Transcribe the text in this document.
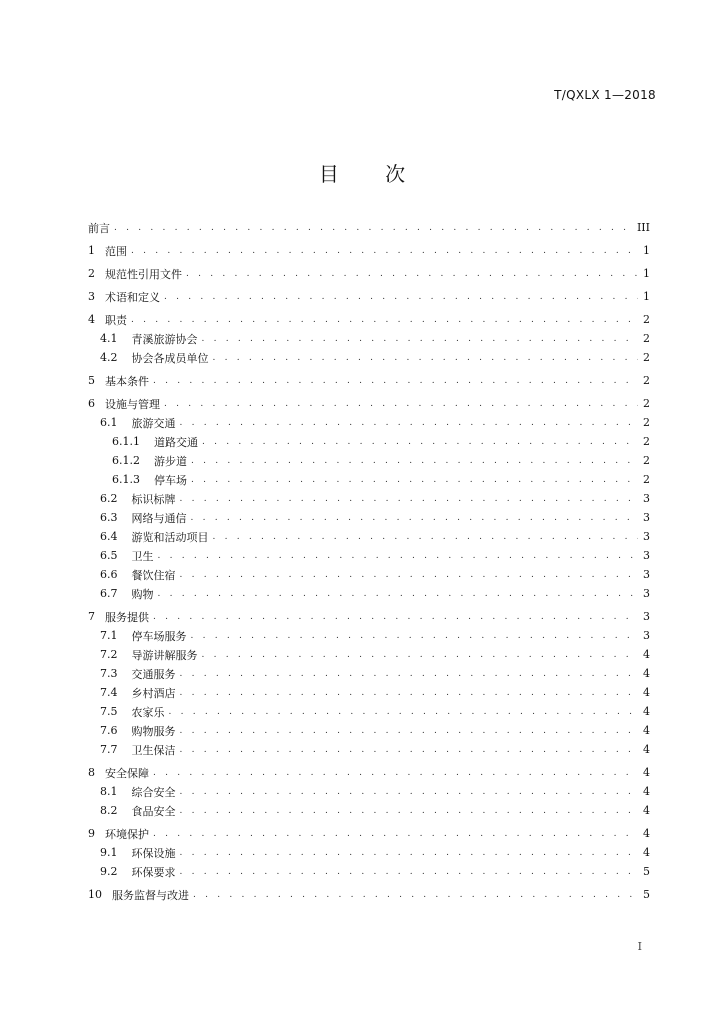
T/QXLX 1—2018
目 次
前言 . . .	III
1 范围 . . .	1
2 规范性引用文件 . . .	1
3 术语和定义 . . .	1
4 职责 . . .	2
4.1 青溪旅游协会 . . .	2
4.2 协会各成员单位 . . .	2
5 基本条件 . . .	2
6 设施与管理 . . .	2
6.1 旅游交通 . . .	2
6.1.1 道路交通 . . .	2
6.1.2 游步道 . . .	2
6.1.3 停车场 . . .	2
6.2 标识标牌 . . .	3
6.3 网络与通信 . . .	3
6.4 游览和活动项目 . . .	3
6.5 卫生 . . .	3
6.6 餐饮住宿 . . .	3
6.7 购物 . . .	3
7 服务提供 . . .	3
7.1 停车场服务 . . .	3
7.2 导游讲解服务 . . .	4
7.3 交通服务 . . .	4
7.4 乡村酒店 . . .	4
7.5 农家乐 . . .	4
7.6 购物服务 . . .	4
7.7 卫生保洁 . . .	4
8 安全保障 . . .	4
8.1 综合安全 . . .	4
8.2 食品安全 . . .	4
9 环境保护 . . .	4
9.1 环保设施 . . .	4
9.2 环保要求 . . .	5
10 服务监督与改进 . . .	5
I
